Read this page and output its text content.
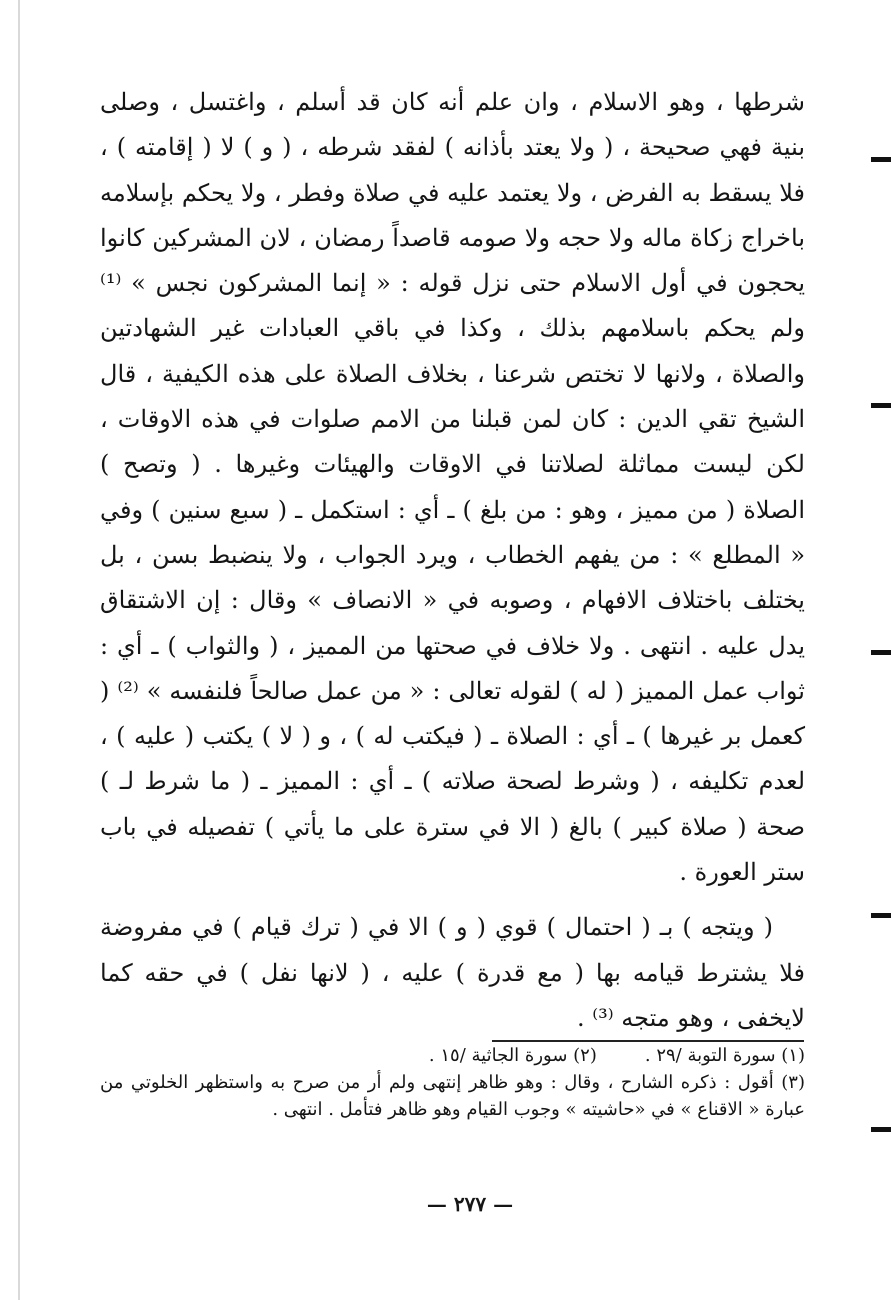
شرطها ، وهو الاسلام ، وان علم أنه كان قد أسلم ، واغتسل ، وصلى بنية فهي صحيحة ، ( ولا يعتد بأذانه ) لفقد شرطه ، ( و ) لا ( إقامته ) ، فلا يسقط به الفرض ، ولا يعتمد عليه في صلاة وفطر ، ولا يحكم بإسلامه باخراج زكاة ماله ولا حجه ولا صومه قاصداً رمضان ، لان المشركين كانوا يحجون في أول الاسلام حتى نزل قوله : « إنما المشركون نجس » ⁽¹⁾ ولم يحكم باسلامهم بذلك ، وكذا في باقي العبادات غير الشهادتين والصلاة ، ولانها لا تختص شرعنا ، بخلاف الصلاة على هذه الكيفية ، قال الشيخ تقي الدين : كان لمن قبلنا من الامم صلوات في هذه الاوقات ، لكن ليست مماثلة لصلاتنا في الاوقات والهيئات وغيرها . ( وتصح ) الصلاة ( من مميز ، وهو : من بلغ ) ـ أي : استكمل ـ ( سبع سنين ) وفي « المطلع » : من يفهم الخطاب ، ويرد الجواب ، ولا ينضبط بسن ، بل يختلف باختلاف الافهام ، وصوبه في « الانصاف » وقال : إن الاشتقاق يدل عليه . انتهى . ولا خلاف في صحتها من المميز ، ( والثواب ) ـ أي : ثواب عمل المميز ( له ) لقوله تعالى : « من عمل صالحاً فلنفسه » ⁽²⁾ ( كعمل بر غيرها ) ـ أي : الصلاة ـ ( فيكتب له ) ، و ( لا ) يكتب ( عليه ) ، لعدم تكليفه ، ( وشرط لصحة صلاته ) ـ أي : المميز ـ ( ما شرط لـ ) صحة ( صلاة كبير ) بالغ ( الا في سترة على ما يأتي ) تفصيله في باب ستر العورة .

( ويتجه ) بـ ( احتمال ) قوي ( و ) الا في ( ترك قيام ) في مفروضة فلا يشترط قيامه بها ( مع قدرة ) عليه ، ( لانها نفل ) في حقه كما لايخفى ، وهو متجه ⁽³⁾ .

(١) سورة التوبة /٢٩ .
(٢) سورة الجاثية /١٥ .

(٣) أقول : ذكره الشارح ، وقال : وهو ظاهر إنتهى ولم أر من صرح به واستظهر الخلوتي من عبارة « الاقناع » في «حاشيته » وجوب القيام وهو ظاهر فتأمل . انتهى .

— ٢٧٧ —
